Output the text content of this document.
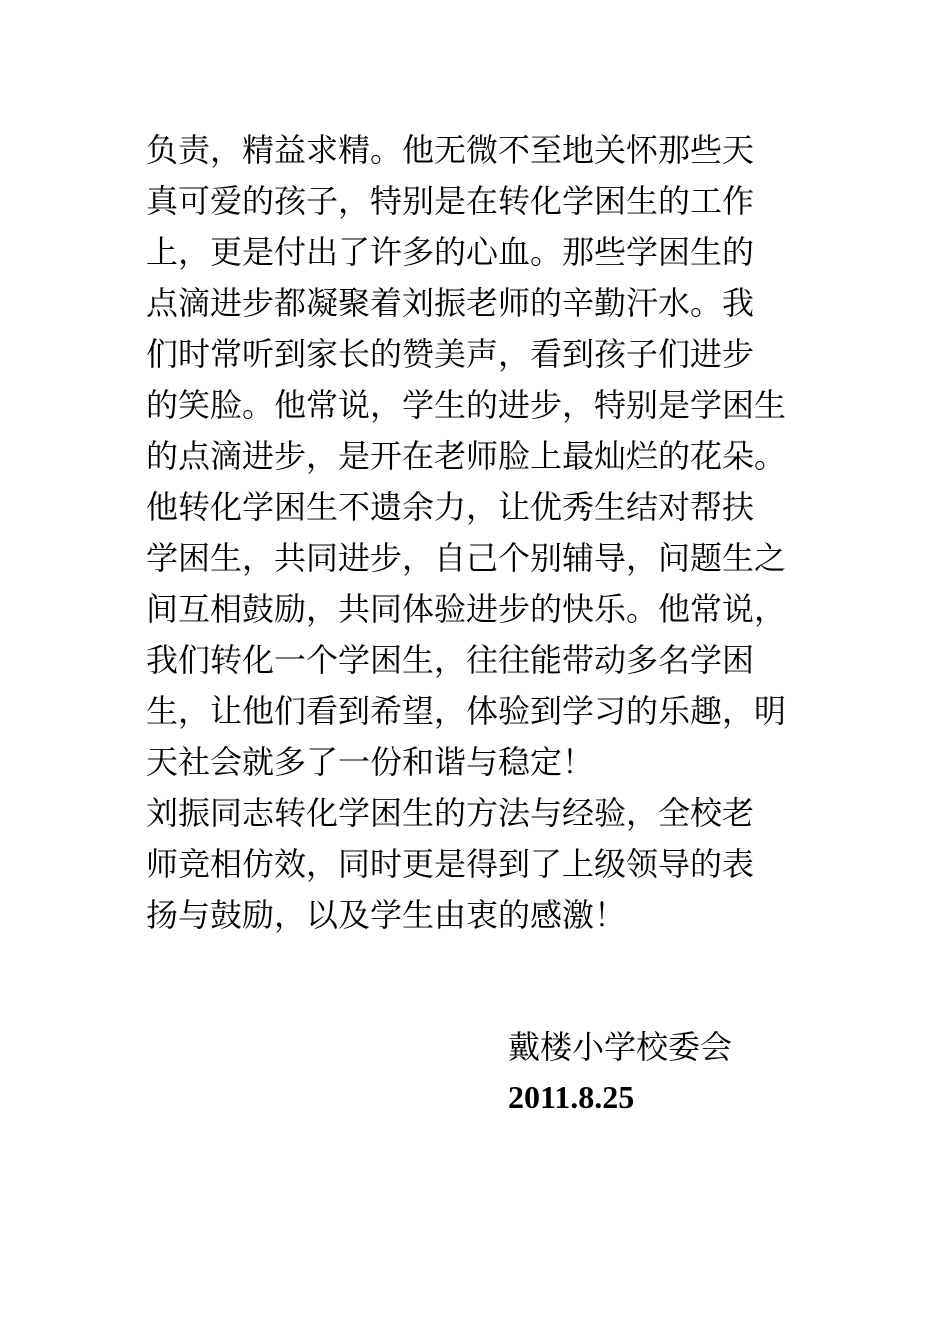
负责，精益求精。他无微不至地关怀那些天
真可爱的孩子，特别是在转化学困生的工作
上，更是付出了许多的心血。那些学困生的
点滴进步都凝聚着刘振老师的辛勤汗水。我
们时常听到家长的赞美声，看到孩子们进步
的笑脸。他常说，学生的进步，特别是学困生
的点滴进步，是开在老师脸上最灿烂的花朵。
他转化学困生不遗余力，让优秀生结对帮扶
学困生，共同进步，自己个别辅导，问题生之
间互相鼓励，共同体验进步的快乐。他常说，
我们转化一个学困生，往往能带动多名学困
生，让他们看到希望，体验到学习的乐趣，明
天社会就多了一份和谐与稳定！
刘振同志转化学困生的方法与经验，全校老
师竞相仿效，同时更是得到了上级领导的表
扬与鼓励，以及学生由衷的感激！
戴楼小学校委会
2011.8.25
